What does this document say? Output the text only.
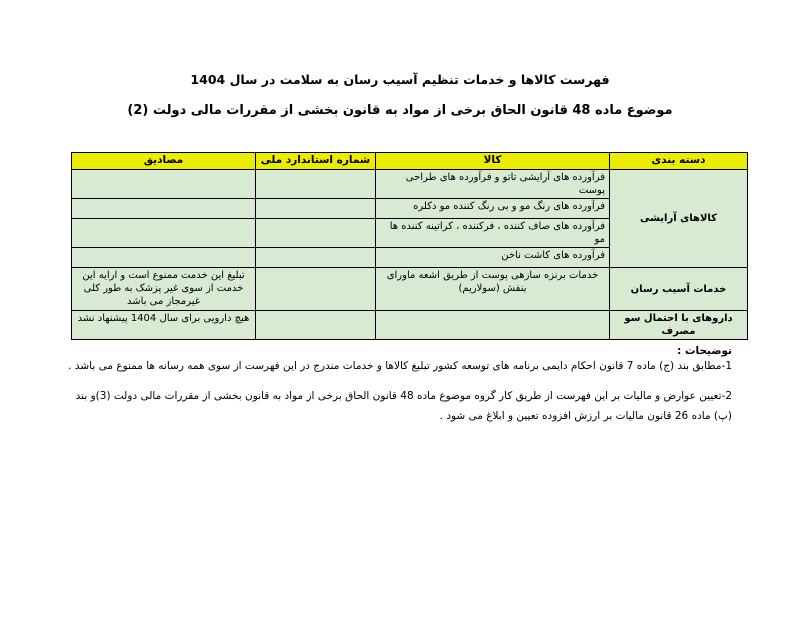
فهرست کالاها و خدمات تنظیم آسیب رسان به سلامت در سال 1404
موضوع ماده 48 قانون الحاق برخی از مواد به قانون بخشی از مقررات مالی دولت (2)
دسته بندی	کالا	شماره استاندارد ملی	مصادیق
کالاهای آرایشی	فرآورده های آرایشی تاتو و فرآورده های طراحی پوست		
	فرآورده های رنگ مو و بی رنگ کننده مو دکلره		
	فرآورده های صاف کننده ، فرکننده ، کراتینه کننده ها مو		
	فرآورده های کاشت ناخن		
خدمات آسیب رسان	خدمات برنزه سازهی پوست از طریق اشعه ماورای بنفش (سولاریم)		تبلیغ این خدمت ممنوع است و ارایه این خدمت از سوی غیر پزشک به طور کلی غیرمجاز می باشد
داروهای با احتمال سو مصرف			هیچ دارویی برای سال 1404 پیشنهاد نشد
توضیحات :
1-مطابق بند (ج) ماده 7 قانون احکام دایمی برنامه های توسعه کشور تبلیغ کالاها و خدمات مندرج در این فهرست از سوی همه رسانه ها ممنوع می باشد .
2-تعیین عوارض و مالیات بر این فهرست از طریق کار گروه موضوع ماده 48 قانون الحاق برخی از مواد به قانون بخشی از مقررات مالی دولت (3)و بند (پ) ماده 26 قانون مالیات بر ارزش افزوده تعیین و ابلاغ می شود .
